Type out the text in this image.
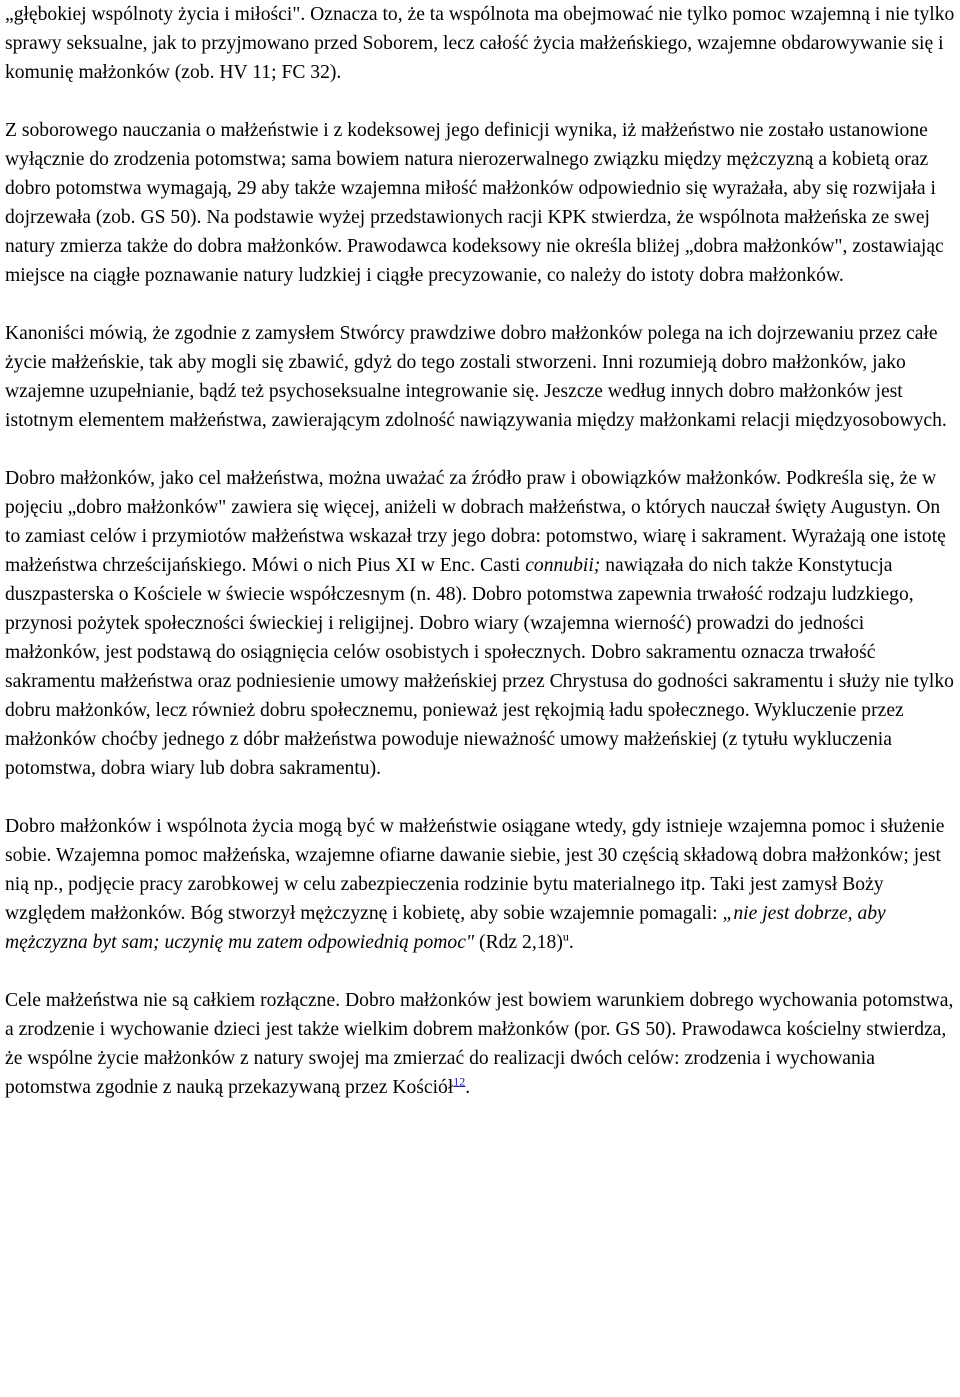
„głębokiej wspólnoty życia i miłości". Oznacza to, że ta wspólnota ma obejmować nie tylko pomoc wzajemną i nie tylko sprawy seksualne, jak to przyjmowano przed Soborem, lecz całość życia małżeńskiego, wzajemne obdarowywanie się i komunię małżonków (zob. HV 11; FC 32).

Z soborowego nauczania o małżeństwie i z kodeksowej jego definicji wynika, iż małżeństwo nie zostało ustanowione wyłącznie do zrodzenia potomstwa; sama bowiem natura nierozerwalnego związku między mężczyzną a kobietą oraz dobro potomstwa wymagają, 29 aby także wzajemna miłość małżonków odpowiednio się wyrażała, aby się rozwijała i dojrzewała (zob. GS 50). Na podstawie wyżej przedstawionych racji KPK stwierdza, że wspólnota małżeńska ze swej natury zmierza także do dobra małżonków. Prawodawca kodeksowy nie określa bliżej „dobra małżonków", zostawiając miejsce na ciągłe poznawanie natury ludzkiej i ciągłe precyzowanie, co należy do istoty dobra małżonków.

Kanoniści mówią, że zgodnie z zamysłem Stwórcy prawdziwe dobro małżonków polega na ich dojrzewaniu przez całe życie małżeńskie, tak aby mogli się zbawić, gdyż do tego zostali stworzeni. Inni rozumieją dobro małżonków, jako wzajemne uzupełnianie, bądź też psychoseksualne integrowanie się. Jeszcze według innych dobro małżonków jest istotnym elementem małżeństwa, zawierającym zdolność nawiązywania między małżonkami relacji międzyosobowych.

Dobro małżonków, jako cel małżeństwa, można uważać za źródło praw i obowiązków małżonków. Podkreśla się, że w pojęciu „dobro małżonków" zawiera się więcej, aniżeli w dobrach małżeństwa, o których nauczał święty Augustyn. On to zamiast celów i przymiotów małżeństwa wskazał trzy jego dobra: potomstwo, wiarę i sakrament. Wyrażają one istotę małżeństwa chrześcijańskiego. Mówi o nich Pius XI w Enc. Casti connubii; nawiązała do nich także Konstytucja duszpasterska o Kościele w świecie współczesnym (n. 48). Dobro potomstwa zapewnia trwałość rodzaju ludzkiego, przynosi pożytek społeczności świeckiej i religijnej. Dobro wiary (wzajemna wierność) prowadzi do jedności małżonków, jest podstawą do osiągnięcia celów osobistych i społecznych. Dobro sakramentu oznacza trwałość sakramentu małżeństwa oraz podniesienie umowy małżeńskiej przez Chrystusa do godności sakramentu i służy nie tylko dobru małżonków, lecz również dobru społecznemu, ponieważ jest rękojmią ładu społecznego. Wykluczenie przez małżonków choćby jednego z dóbr małżeństwa powoduje nieważność umowy małżeńskiej (z tytułu wykluczenia potomstwa, dobra wiary lub dobra sakramentu).

Dobro małżonków i wspólnota życia mogą być w małżeństwie osiągane wtedy, gdy istnieje wzajemna pomoc i służenie sobie. Wzajemna pomoc małżeńska, wzajemne ofiarne dawanie siebie, jest 30 częścią składową dobra małżonków; jest nią np., podjęcie pracy zarobkowej w celu zabezpieczenia rodzinie bytu materialnego itp. Taki jest zamysł Boży względem małżonków. Bóg stworzył mężczyznę i kobietę, aby sobie wzajemnie pomagali: „nie jest dobrze, aby mężczyzna byt sam; uczynię mu zatem odpowiednią pomoc" (Rdz 2,18)$^u$.

Cele małżeństwa nie są całkiem rozłączne. Dobro małżonków jest bowiem warunkiem dobrego wychowania potomstwa, a zrodzenie i wychowanie dzieci jest także wielkim dobrem małżonków (por. GS 50). Prawodawca kościelny stwierdza, że wspólne życie małżonków z natury swojej ma zmierzać do realizacji dwóch celów: zrodzenia i wychowania potomstwa zgodnie z nauką przekazywaną przez Kościół$^{12}$.
